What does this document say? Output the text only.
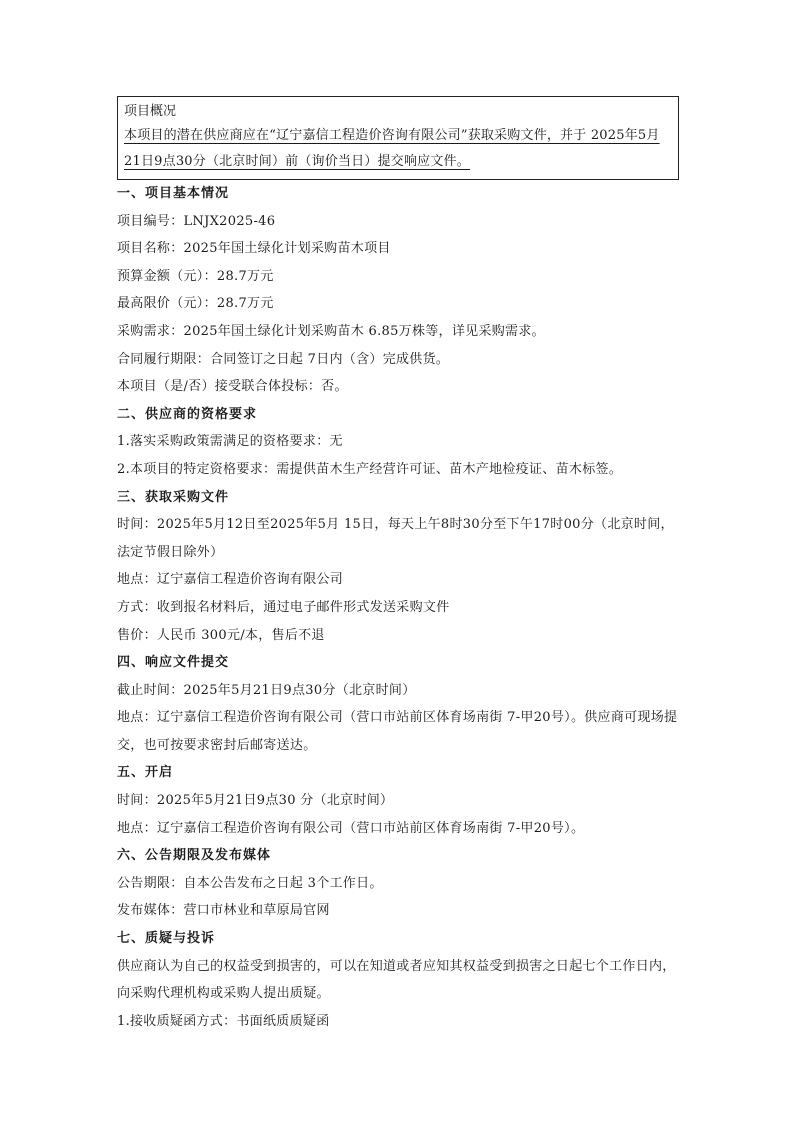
项目概况
本项目的潜在供应商应在“辽宁嘉信工程造价咨询有限公司”获取采购文件，并于 2025年5月21日9点30分（北京时间）前（询价当日）提交响应文件。
一、项目基本情况
项目编号：LNJX2025-46
项目名称：2025年国土绿化计划采购苗木项目
预算金额（元）：28.7万元
最高限价（元）：28.7万元
采购需求：2025年国土绿化计划采购苗木 6.85万株等，详见采购需求。
合同履行期限：合同签订之日起 7日内（含）完成供货。
本项目（是/否）接受联合体投标：否。
二、供应商的资格要求
1.落实采购政策需满足的资格要求：无
2.本项目的特定资格要求：需提供苗木生产经营许可证、苗木产地检疫证、苗木标签。
三、获取采购文件
时间：2025年5月12日至2025年5月 15日，每天上午8时30分至下午17时00分（北京时间，法定节假日除外）
地点：辽宁嘉信工程造价咨询有限公司
方式：收到报名材料后，通过电子邮件形式发送采购文件
售价：人民币 300元/本，售后不退
四、响应文件提交
截止时间：2025年5月21日9点30分（北京时间）
地点：辽宁嘉信工程造价咨询有限公司（营口市站前区体育场南街 7-甲20号）。供应商可现场提交，也可按要求密封后邮寄送达。
五、开启
时间：2025年5月21日9点30 分（北京时间）
地点：辽宁嘉信工程造价咨询有限公司（营口市站前区体育场南街 7-甲20号）。
六、公告期限及发布媒体
公告期限：自本公告发布之日起 3个工作日。
发布媒体：营口市林业和草原局官网
七、质疑与投诉
供应商认为自己的权益受到损害的，可以在知道或者应知其权益受到损害之日起七个工作日内，向采购代理机构或采购人提出质疑。
1.接收质疑函方式：书面纸质质疑函
